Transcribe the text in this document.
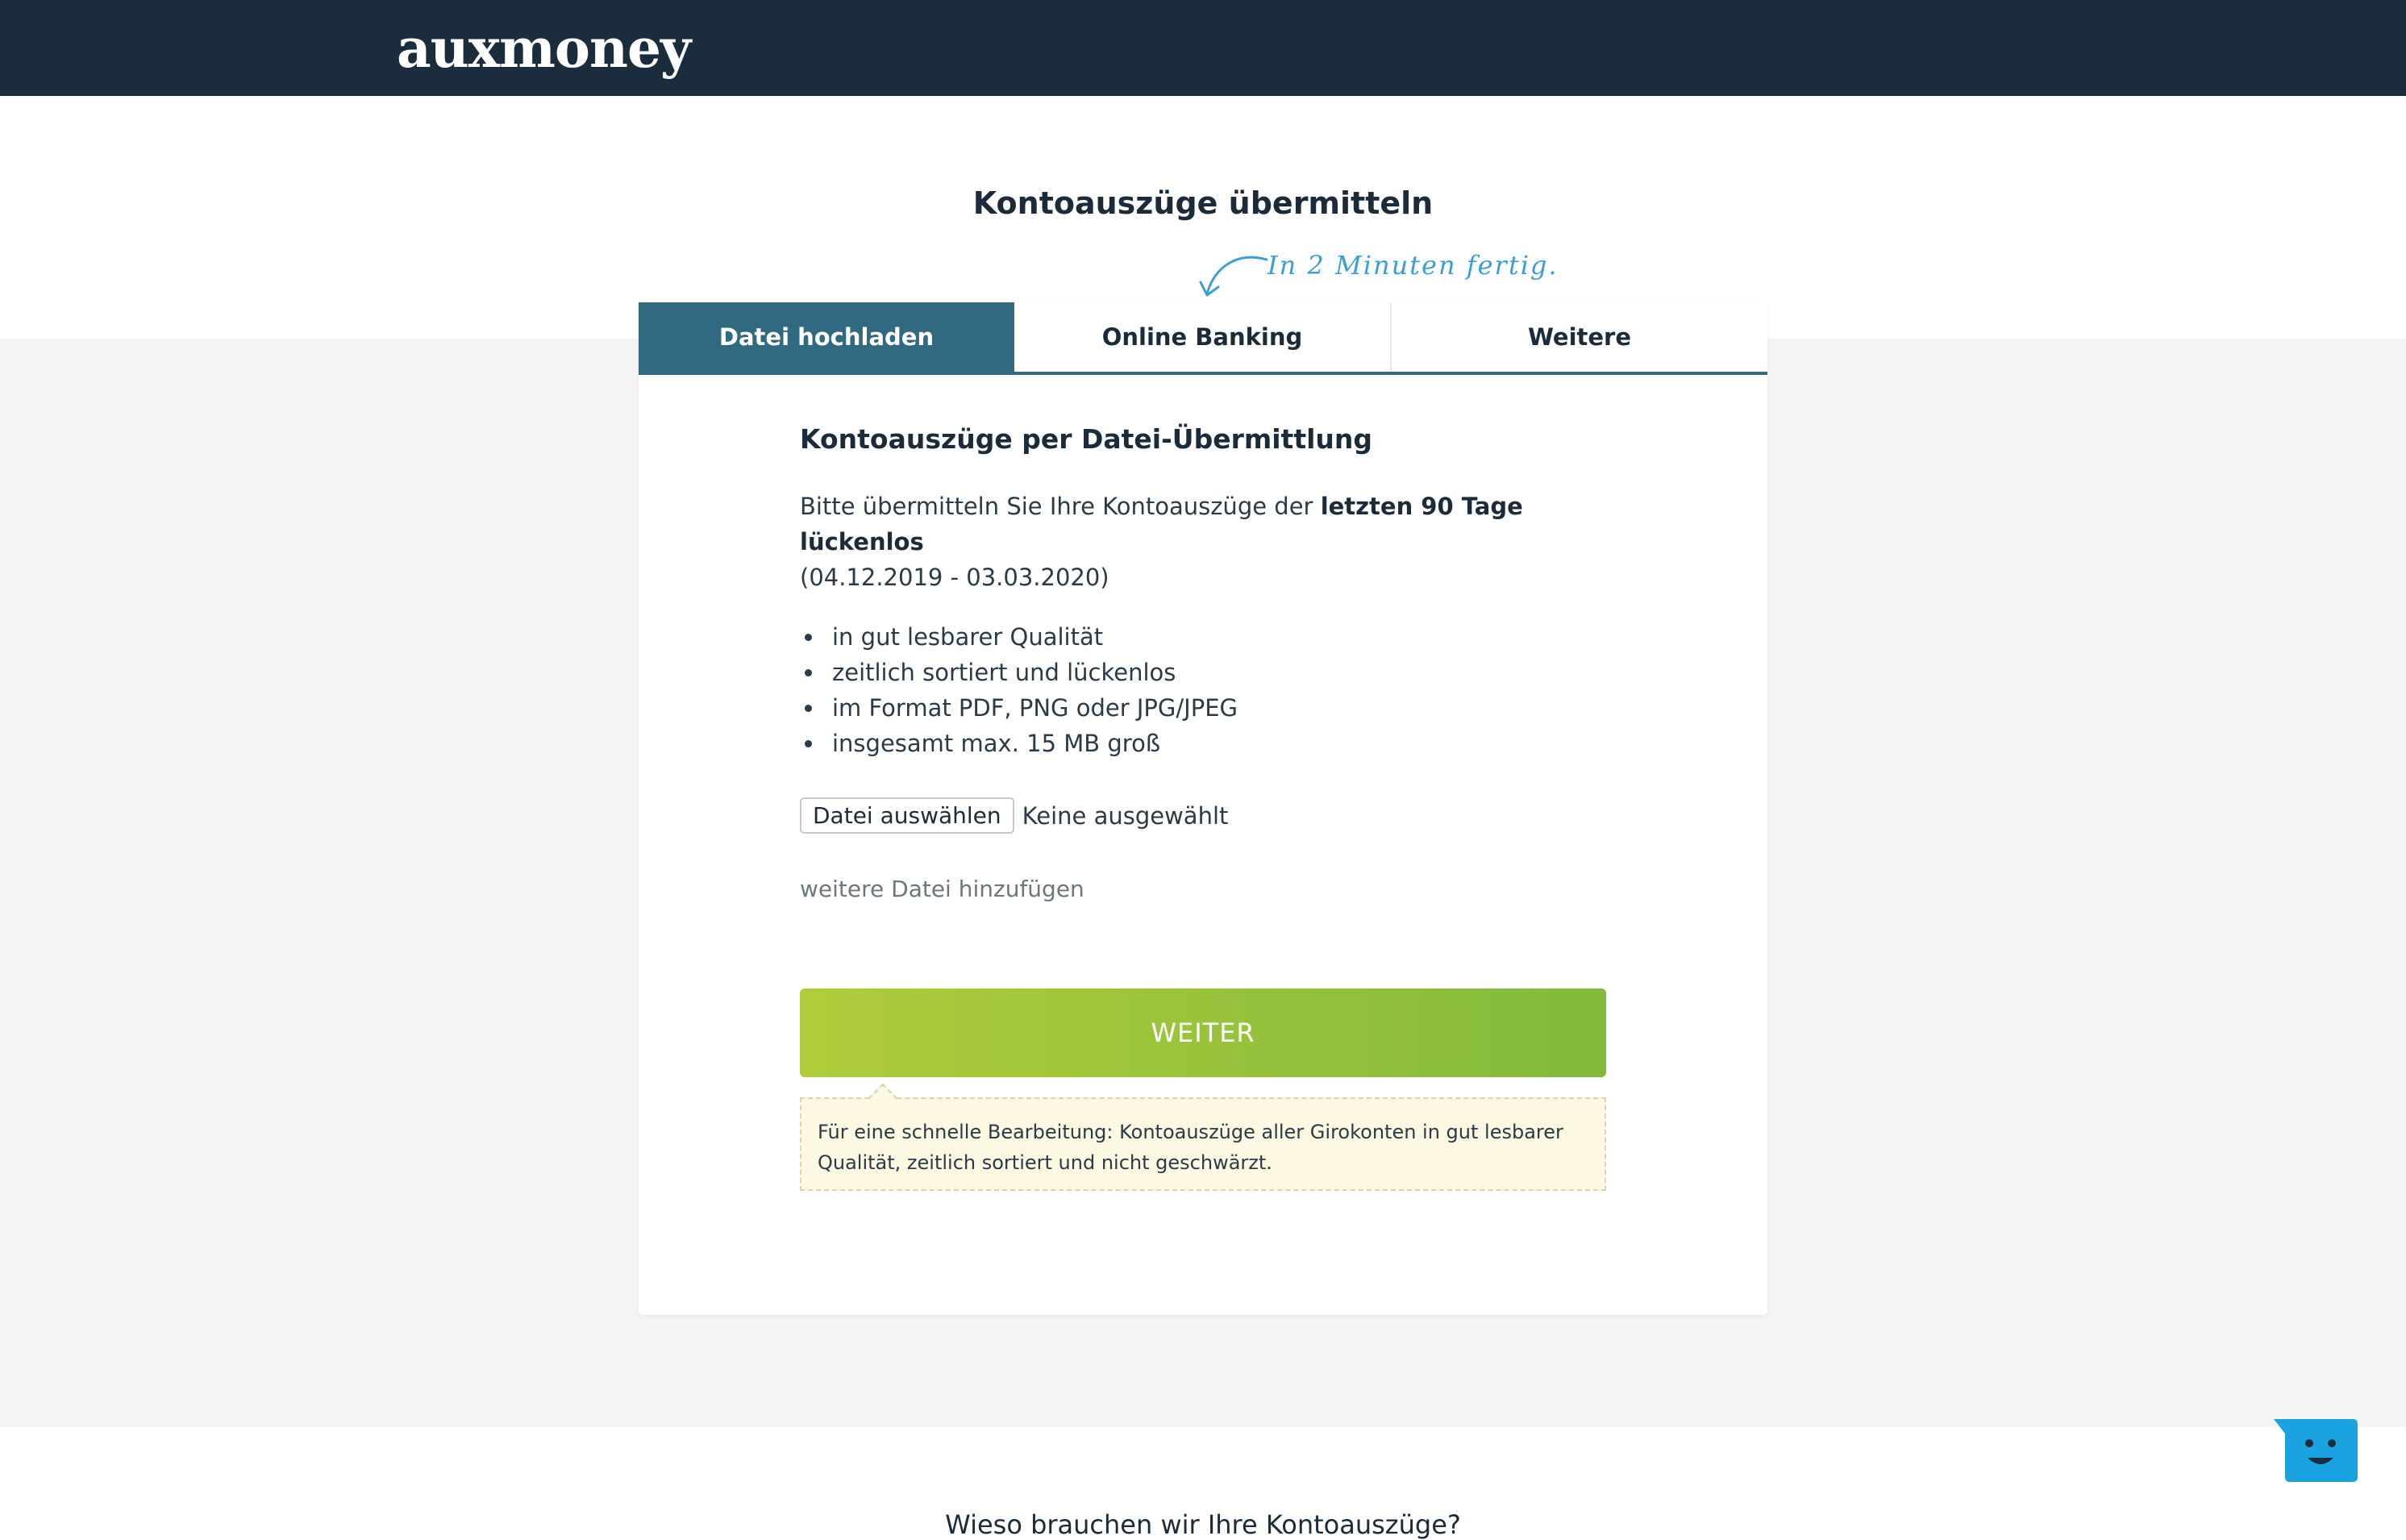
auxmoney
Kontoauszüge übermitteln
In 2 Minuten fertig.
Datei hochladen	Online Banking	Weitere
Kontoauszüge per Datei-Übermittlung

Bitte übermitteln Sie Ihre Kontoauszüge der letzten 90 Tage lückenlos
(04.12.2019 - 03.03.2020)

in gut lesbarer Qualität
zeitlich sortiert und lückenlos
im Format PDF, PNG oder JPG/JPEG
insgesamt max. 15 MB groß
Datei auswählen Keine ausgewählt

weitere Datei hinzufügen

WEITER
Für eine schnelle Bearbeitung: Kontoauszüge aller Girokonten in gut lesbarer Qualität, zeitlich sortiert und nicht geschwärzt.
Wieso brauchen wir Ihre Kontoauszüge?
